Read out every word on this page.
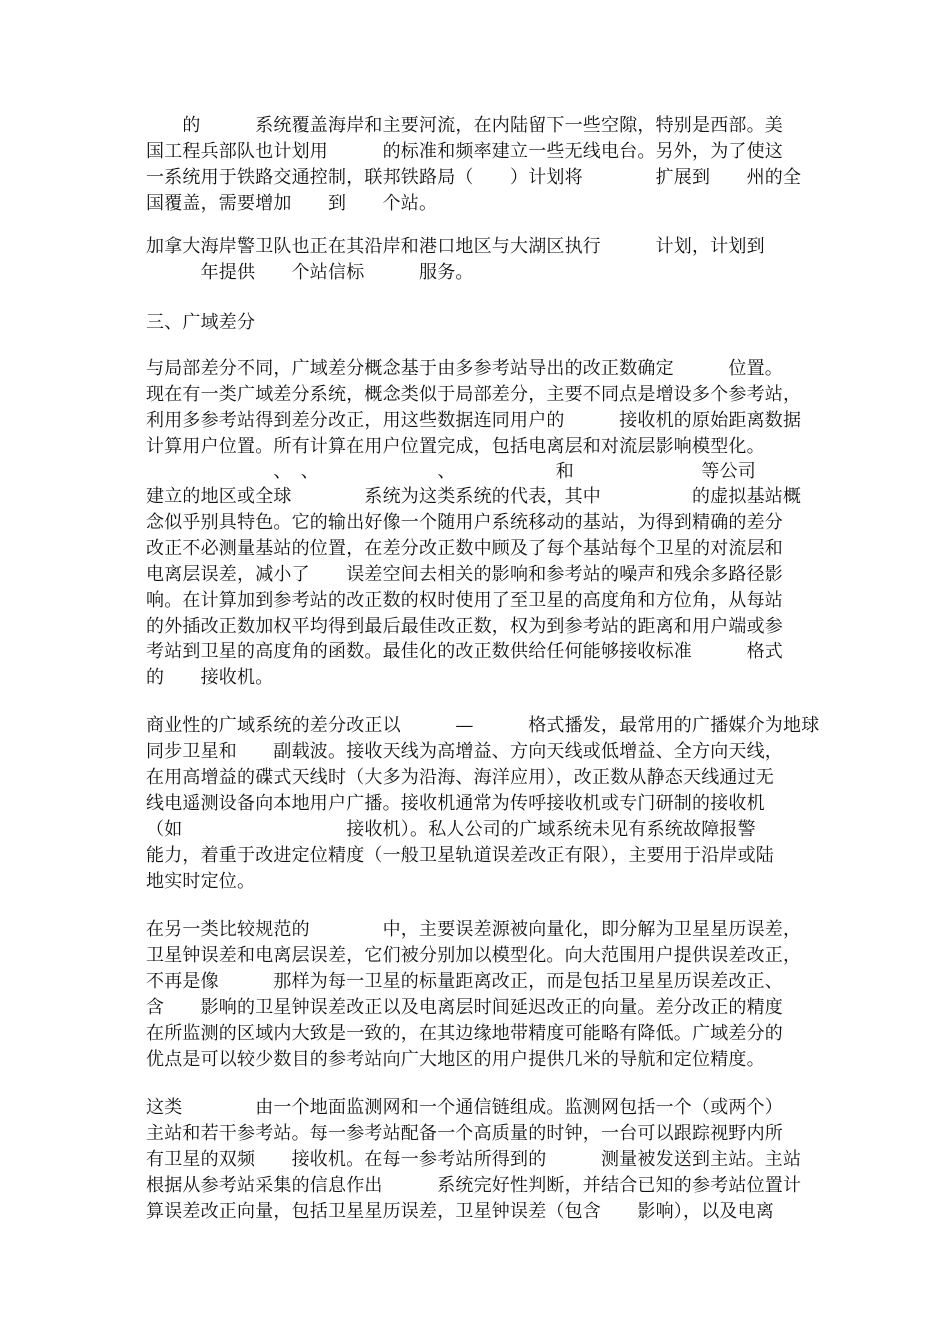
　　的　　　系统覆盖海岸和主要河流，在内陆留下一些空隙，特别是西部。美
国工程兵部队也计划用　　　的标准和频率建立一些无线电台。另外，为了使这
一系统用于铁路交通控制，联邦铁路局（　　）计划将　　　　扩展到　　州的全
国覆盖，需要增加　　到　　个站。
加拿大海岸警卫队也正在其沿岸和港口地区与大湖区执行　　　计划，计划到
　　　年提供　　个站信标　　　服务。
三、广域差分
与局部差分不同，广域差分概念基于由多参考站导出的改正数确定　　　位置。
现在有一类广域差分系统，概念类似于局部差分，主要不同点是增设多个参考站，
利用多参考站得到差分改正，用这些数据连同用户的　　　接收机的原始距离数据
计算用户位置。所有计算在用户位置完成，包括电离层和对流层影响模型化。
　　　　　　　、　、　　　　　　　、　　　　　　和　　　　　　　等公司
建立的地区或全球　　　　系统为这类系统的代表，其中　　　　　的虚拟基站概
念似乎别具特色。它的输出好像一个随用户系统移动的基站，为得到精确的差分
改正不必测量基站的位置，在差分改正数中顾及了每个基站每个卫星的对流层和
电离层误差，减小了　　误差空间去相关的影响和参考站的噪声和残余多路径影
响。在计算加到参考站的改正数的权时使用了至卫星的高度角和方位角，从每站
的外插改正数加权平均得到最后最佳改正数，权为到参考站的距离和用户端或参
考站到卫星的高度角的函数。最佳化的改正数供给任何能够接收标准　　　格式
的　　接收机。
商业性的广域系统的差分改正以　　　—　　　格式播发，最常用的广播媒介为地球
同步卫星和　　副载波。接收天线为高增益、方向天线或低增益、全方向天线，
在用高增益的碟式天线时（大多为沿海、海洋应用），改正数从静态天线通过无
线电遥测设备向本地用户广播。接收机通常为传呼接收机或专门研制的接收机
（如　　　　　　　　　接收机）。私人公司的广域系统未见有系统故障报警
能力，着重于改进定位精度（一般卫星轨道误差改正有限），主要用于沿岸或陆
地实时定位。
在另一类比较规范的　　　　中，主要误差源被向量化，即分解为卫星星历误差，
卫星钟误差和电离层误差，它们被分别加以模型化。向大范围用户提供误差改正，
不再是像　　　那样为每一卫星的标量距离改正，而是包括卫星星历误差改正、
含　　影响的卫星钟误差改正以及电离层时间延迟改正的向量。差分改正的精度
在所监测的区域内大致是一致的，在其边缘地带精度可能略有降低。广域差分的
优点是可以较少数目的参考站向广大地区的用户提供几米的导航和定位精度。
这类　　　　由一个地面监测网和一个通信链组成。监测网包括一个（或两个）
主站和若干参考站。每一参考站配备一个高质量的时钟，一台可以跟踪视野内所
有卫星的双频　　接收机。在每一参考站所得到的　　　测量被发送到主站。主站
根据从参考站采集的信息作出　　　系统完好性判断，并结合已知的参考站位置计
算误差改正向量，包括卫星星历误差，卫星钟误差（包含　　影响），以及电离
